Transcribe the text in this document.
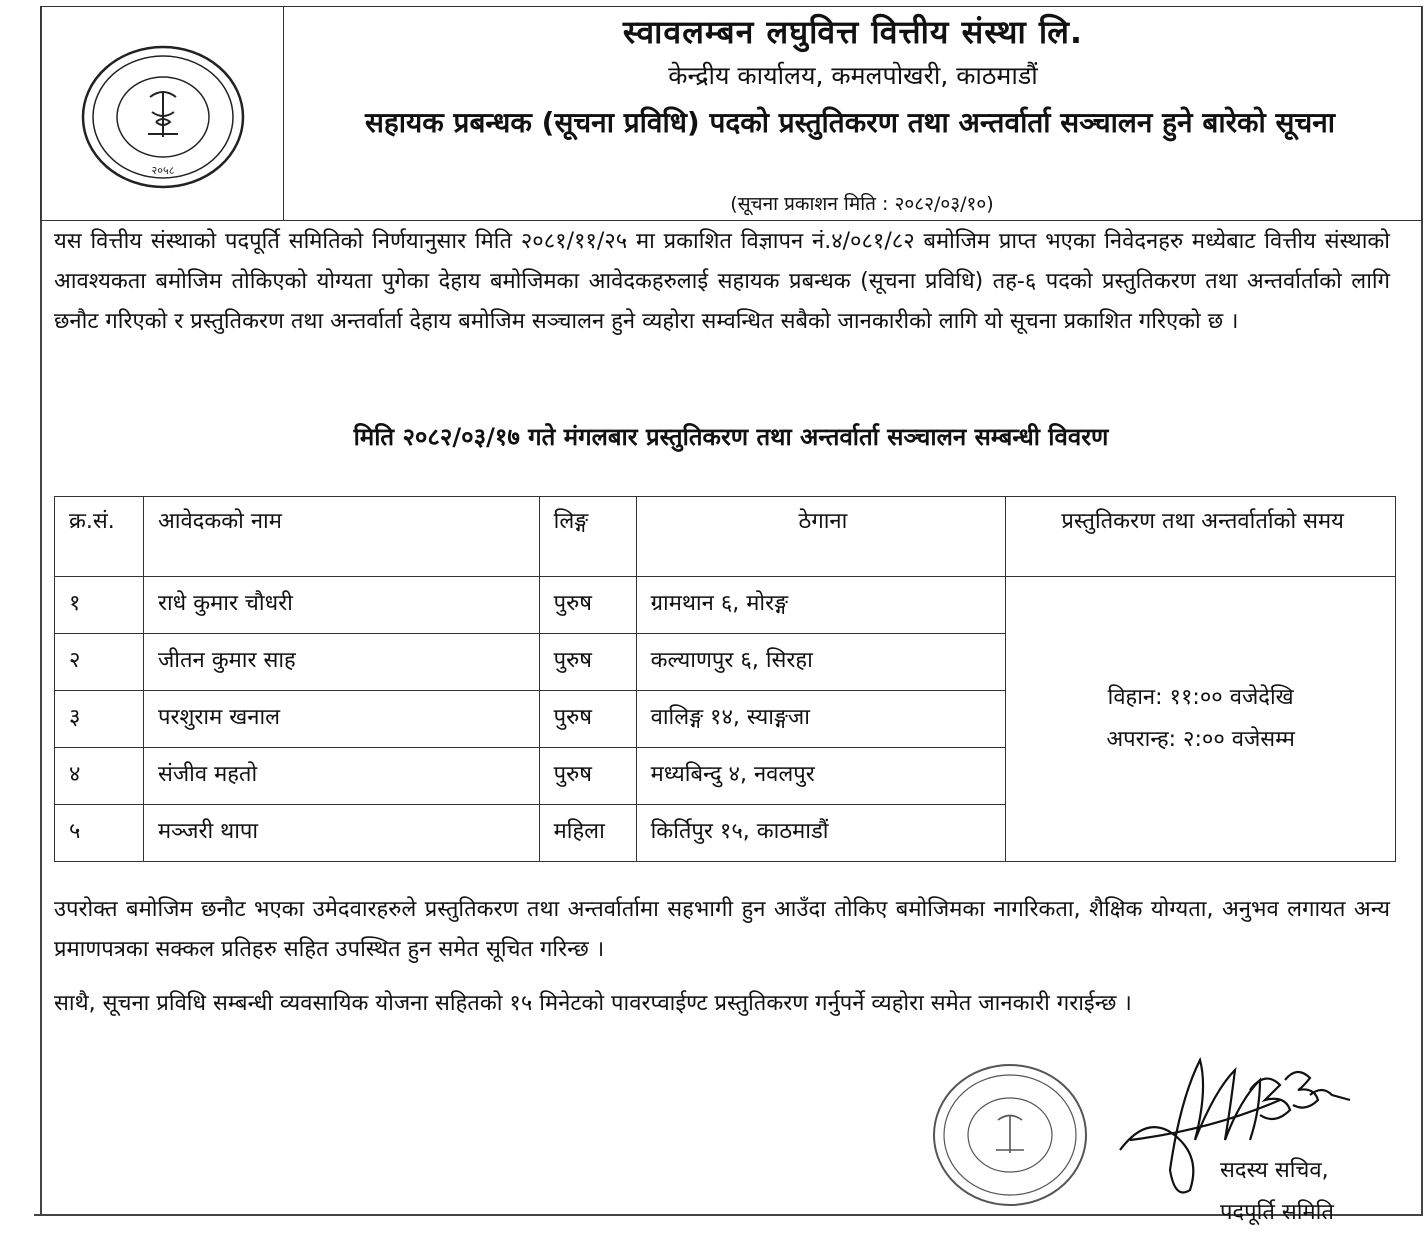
२०५८
स्वावलम्बन लघुवित्त वित्तीय संस्था लि.
केन्द्रीय कार्यालय, कमलपोखरी, काठमाडौं
सहायक प्रबन्धक (सूचना प्रविधि) पदको प्रस्तुतिकरण तथा अन्तर्वार्ता सञ्चालन हुने बारेको सूचना
(सूचना प्रकाशन मिति : २०८२/०३/१०)
यस वित्तीय संस्थाको पदपूर्ति समितिको निर्णयानुसार मिति २०८१/११/२५ मा प्रकाशित विज्ञापन नं.४/०८१/८२ बमोजिम प्राप्त भएका निवेदनहरु मध्येबाट वित्तीय संस्थाको आवश्यकता बमोजिम तोकिएको योग्यता पुगेका देहाय बमोजिमका आवेदकहरुलाई सहायक प्रबन्धक (सूचना प्रविधि) तह-६ पदको प्रस्तुतिकरण तथा अन्तर्वार्ताको लागि छनौट गरिएको र प्रस्तुतिकरण तथा अन्तर्वार्ता देहाय बमोजिम सञ्चालन हुने व्यहोरा सम्वन्धित सबैको जानकारीको लागि यो सूचना प्रकाशित गरिएको छ ।
मिति २०८२/०३/१७ गते मंगलबार प्रस्तुतिकरण तथा अन्तर्वार्ता सञ्चालन सम्बन्धी विवरण
क्र.सं.	आवेदकको नाम	लिङ्ग	ठेगाना	प्रस्तुतिकरण तथा अन्तर्वार्ताको समय
१	राधे कुमार चौधरी	पुरुष	ग्रामथान ६, मोरङ्ग	विहान: ११:०० वजेदेखि
अपरान्ह: २:०० वजेसम्म

२	जीतन कुमार साह	पुरुष	कल्याणपुर ६, सिरहा	
३	परशुराम खनाल	पुरुष	वालिङ्ग १४, स्याङ्गजा	
४	संजीव महतो	पुरुष	मध्यबिन्दु ४, नवलपुर	
५	मञ्जरी थापा	महिला	किर्तिपुर १५, काठमाडौं	
उपरोक्त बमोजिम छनौट भएका उमेदवारहरुले प्रस्तुतिकरण तथा अन्तर्वार्तामा सहभागी हुन आउँदा तोकिए बमोजिमका नागरिकता, शैक्षिक योग्यता, अनुभव लगायत अन्य प्रमाणपत्रका सक्कल प्रतिहरु सहित उपस्थित हुन समेत सूचित गरिन्छ ।
साथै, सूचना प्रविधि सम्बन्धी व्यवसायिक योजना सहितको १५ मिनेटको पावरप्वाईण्ट प्रस्तुतिकरण गर्नुपर्ने व्यहोरा समेत जानकारी गराईन्छ ।
सदस्य सचिव,
पदपूर्ति समिति
